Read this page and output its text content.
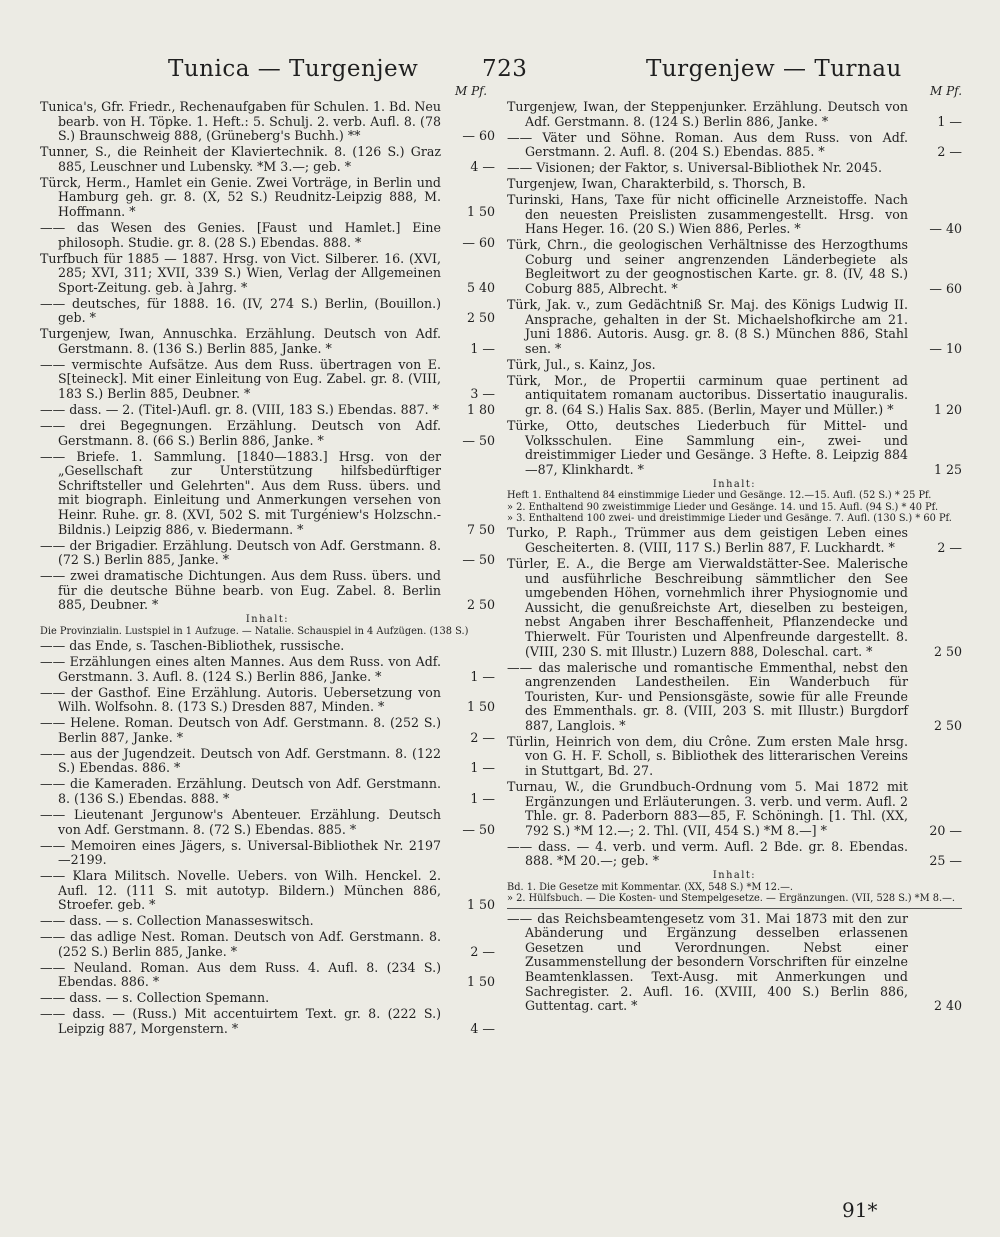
Tunica — Turgenjew	723	Turgenjew — Turnau
M Pf.	M Pf.
Tunica's, Gfr. Friedr., Rechenaufgaben für Schulen. 1. Bd. Neu bearb. von H. Töpke. 1. Heft.: 5. Schulj. 2. verb. Aufl. 8. (78 S.) Braunschweig 888, (Grüneberg's Buchh.) **	— 60
Tunner, S., die Reinheit der Klaviertechnik. 8. (126 S.) Graz 885, Leuschner und Lubensky. *M 3.—; geb. *	4 —
Türck, Herm., Hamlet ein Genie. Zwei Vorträge, in Berlin und Hamburg geh. gr. 8. (X, 52 S.) Reudnitz-Leipzig 888, M. Hoffmann. *	1 50
—— das Wesen des Genies. [Faust und Hamlet.] Eine philosoph. Studie. gr. 8. (28 S.) Ebendas. 888. *	— 60
Turfbuch für 1885 — 1887. Hrsg. von Vict. Silberer. 16. (XVI, 285; XVI, 311; XVII, 339 S.) Wien, Verlag der Allgemeinen Sport-Zeitung. geb. à Jahrg. *	5 40
—— deutsches, für 1888. 16. (IV, 274 S.) Berlin, (Bouillon.) geb. *	2 50
Turgenjew, Iwan, Annuschka. Erzählung. Deutsch von Adf. Gerstmann. 8. (136 S.) Berlin 885, Janke. *	1 —
—— vermischte Aufsätze. Aus dem Russ. übertragen von E. S[teineck]. Mit einer Einleitung von Eug. Zabel. gr. 8. (VIII, 183 S.) Berlin 885, Deubner. *	3 —
—— dass. — 2. (Titel-)Aufl. gr. 8. (VIII, 183 S.) Ebendas. 887. *	1 80
—— drei Begegnungen. Erzählung. Deutsch von Adf. Gerstmann. 8. (66 S.) Berlin 886, Janke. *	— 50
—— Briefe. 1. Sammlung. [1840—1883.] Hrsg. von der „Gesellschaft zur Unterstützung hilfsbedürftiger Schriftsteller und Gelehrten". Aus dem Russ. übers. und mit biograph. Einleitung und Anmerkungen versehen von Heinr. Ruhe. gr. 8. (XVI, 502 S. mit Turgéniew's Holzschn.-Bildnis.) Leipzig 886, v. Biedermann. *	7 50
—— der Brigadier. Erzählung. Deutsch von Adf. Gerstmann. 8. (72 S.) Berlin 885, Janke. *	— 50
—— zwei dramatische Dichtungen. Aus dem Russ. übers. und für die deutsche Bühne bearb. von Eug. Zabel. 8. Berlin 885, Deubner. *	2 50
Inhalt:
Die Provinzialin. Lustspiel in 1 Aufzuge. — Natalie. Schauspiel in 4 Aufzügen. (138 S.)
—— das Ende, s. Taschen-Bibliothek, russische.
—— Erzählungen eines alten Mannes. Aus dem Russ. von Adf. Gerstmann. 3. Aufl. 8. (124 S.) Berlin 886, Janke. *	1 —
—— der Gasthof. Eine Erzählung. Autoris. Uebersetzung von Wilh. Wolfsohn. 8. (173 S.) Dresden 887, Minden. *	1 50
—— Helene. Roman. Deutsch von Adf. Gerstmann. 8. (252 S.) Berlin 887, Janke. *	2 —
—— aus der Jugendzeit. Deutsch von Adf. Gerstmann. 8. (122 S.) Ebendas. 886. *	1 —
—— die Kameraden. Erzählung. Deutsch von Adf. Gerstmann. 8. (136 S.) Ebendas. 888. *	1 —
—— Lieutenant Jergunow's Abenteuer. Erzählung. Deutsch von Adf. Gerstmann. 8. (72 S.) Ebendas. 885. *	— 50
—— Memoiren eines Jägers, s. Universal-Bibliothek Nr. 2197—2199.
—— Klara Militsch. Novelle. Uebers. von Wilh. Henckel. 2. Aufl. 12. (111 S. mit autotyp. Bildern.) München 886, Stroefer. geb. *	1 50
—— dass. — s. Collection Manasseswitsch.
—— das adlige Nest. Roman. Deutsch von Adf. Gerstmann. 8. (252 S.) Berlin 885, Janke. *	2 —
—— Neuland. Roman. Aus dem Russ. 4. Aufl. 8. (234 S.) Ebendas. 886. *	1 50
—— dass. — s. Collection Spemann.
—— dass. — (Russ.) Mit accentuirtem Text. gr. 8. (222 S.) Leipzig 887, Morgenstern. *	4 —
Turgenjew, Iwan, der Steppenjunker. Erzählung. Deutsch von Adf. Gerstmann. 8. (124 S.) Berlin 886, Janke. *	1 —
—— Väter und Söhne. Roman. Aus dem Russ. von Adf. Gerstmann. 2. Aufl. 8. (204 S.) Ebendas. 885. *	2 —
—— Visionen; der Faktor, s. Universal-Bibliothek Nr. 2045.
Turgenjew, Iwan, Charakterbild, s. Thorsch, B.
Turinski, Hans, Taxe für nicht officinelle Arzneistoffe. Nach den neuesten Preislisten zusammengestellt. Hrsg. von Hans Heger. 16. (20 S.) Wien 886, Perles. *	— 40
Türk, Chrn., die geologischen Verhältnisse des Herzogthums Coburg und seiner angrenzenden Länderbegiete als Begleitwort zu der geognostischen Karte. gr. 8. (IV, 48 S.) Coburg 885, Albrecht. *	— 60
Türk, Jak. v., zum Gedächtniß Sr. Maj. des Königs Ludwig II. Ansprache, gehalten in der St. Michaelshofkirche am 21. Juni 1886. Autoris. Ausg. gr. 8. (8 S.) München 886, Stahl sen. *	— 10
Türk, Jul., s. Kainz, Jos.
Türk, Mor., de Propertii carminum quae pertinent ad antiquitatem romanam auctoribus. Dissertatio inauguralis. gr. 8. (64 S.) Halis Sax. 885. (Berlin, Mayer und Müller.) *	1 20
Türke, Otto, deutsches Liederbuch für Mittel- und Volksschulen. Eine Sammlung ein-, zwei- und dreistimmiger Lieder und Gesänge. 3 Hefte. 8. Leipzig 884—87, Klinkhardt. *	1 25
Inhalt:
Heft 1. Enthaltend 84 einstimmige Lieder und Gesänge. 12.—15. Aufl. (52 S.) * 25 Pf.
» 2. Enthaltend 90 zweistimmige Lieder und Gesänge. 14. und 15. Aufl. (94 S.) * 40 Pf.
» 3. Enthaltend 100 zwei- und dreistimmige Lieder und Gesänge. 7. Aufl. (130 S.) * 60 Pf.
Turko, P. Raph., Trümmer aus dem geistigen Leben eines Gescheiterten. 8. (VIII, 117 S.) Berlin 887, F. Luckhardt. *	2 —
Türler, E. A., die Berge am Vierwaldstätter-See. Malerische und ausführliche Beschreibung sämmtlicher den See umgebenden Höhen, vornehmlich ihrer Physiognomie und Aussicht, die genußreichste Art, dieselben zu besteigen, nebst Angaben ihrer Beschaffenheit, Pflanzendecke und Thierwelt. Für Touristen und Alpenfreunde dargestellt. 8. (VIII, 230 S. mit Illustr.) Luzern 888, Doleschal. cart. *	2 50
—— das malerische und romantische Emmenthal, nebst den angrenzenden Landestheilen. Ein Wanderbuch für Touristen, Kur- und Pensionsgäste, sowie für alle Freunde des Emmenthals. gr. 8. (VIII, 203 S. mit Illustr.) Burgdorf 887, Langlois. *	2 50
Türlin, Heinrich von dem, diu Crône. Zum ersten Male hrsg. von G. H. F. Scholl, s. Bibliothek des litterarischen Vereins in Stuttgart, Bd. 27.
Turnau, W., die Grundbuch-Ordnung vom 5. Mai 1872 mit Ergänzungen und Erläuterungen. 3. verb. und verm. Aufl. 2 Thle. gr. 8. Paderborn 883—85, F. Schöningh. [1. Thl. (XX, 792 S.) *M 12.—; 2. Thl. (VII, 454 S.) *M 8.—] *	20 —
—— dass. — 4. verb. und verm. Aufl. 2 Bde. gr. 8. Ebendas. 888. *M 20.—; geb. *	25 —
Inhalt:
Bd. 1. Die Gesetze mit Kommentar. (XX, 548 S.) *M 12.—.
» 2. Hülfsbuch. — Die Kosten- und Stempelgesetze. — Ergänzungen. (VII, 528 S.) *M 8.—.
—— das Reichsbeamtengesetz vom 31. Mai 1873 mit den zur Abänderung und Ergänzung desselben erlassenen Gesetzen und Verordnungen. Nebst einer Zusammenstellung der besondern Vorschriften für einzelne Beamtenklassen. Text-Ausg. mit Anmerkungen und Sachregister. 2. Aufl. 16. (XVIII, 400 S.) Berlin 886, Guttentag. cart. *	2 40
91*
